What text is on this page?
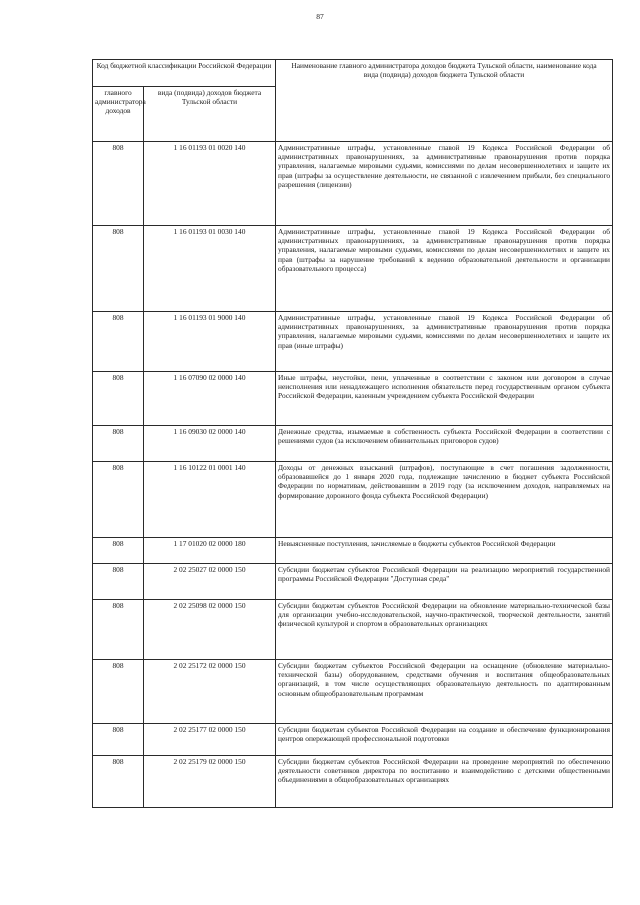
87
Код бюджетной классификации Российской Федерации		Наименование главного администратора доходов бюджета Тульской области, наименование кода вида (подвида) доходов бюджета Тульской области
главного администратора доходов	вида (подвида) доходов бюджета Тульской области	
808	1 16 01193 01 0020 140	Административные штрафы, установленные главой 19 Кодекса Российской Федерации об административных правонарушениях, за административные правонарушения против порядка управления, налагаемые мировыми судьями, комиссиями по делам несовершеннолетних и защите их прав (штрафы за осуществление деятельности, не связанной с извлечением прибыли, без специального разрешения (лицензии)
808	1 16 01193 01 0030 140	Административные штрафы, установленные главой 19 Кодекса Российской Федерации об административных правонарушениях, за административные правонарушения против порядка управления, налагаемые мировыми судьями, комиссиями по делам несовершеннолетних и защите их прав (штрафы за нарушение требований к ведению образовательной деятельности и организации образовательного процесса)
808	1 16 01193 01 9000 140	Административные штрафы, установленные главой 19 Кодекса Российской Федерации об административных правонарушениях, за административные правонарушения против порядка управления, налагаемые мировыми судьями, комиссиями по делам несовершеннолетних и защите их прав (иные штрафы)
808	1 16 07090 02 0000 140	Иные штрафы, неустойки, пени, уплаченные в соответствии с законом или договором в случае неисполнения или ненадлежащего исполнения обязательств перед государственным органом субъекта Российской Федерации, казенным учреждением субъекта Российской Федерации
808	1 16 09030 02 0000 140	Денежные средства, изымаемые в собственность субъекта Российской Федерации в соответствии с решениями судов (за исключением обвинительных приговоров судов)
808	1 16 10122 01 0001 140	Доходы от денежных взысканий (штрафов), поступающие в счет погашения задолженности, образовавшейся до 1 января 2020 года, подлежащие зачислению в бюджет субъекта Российской Федерации по нормативам, действовавшим в 2019 году (за исключением доходов, направляемых на формирование дорожного фонда субъекта Российской Федерации)
808	1 17 01020 02 0000 180	Невыясненные поступления, зачисляемые в бюджеты субъектов Российской Федерации
808	2 02 25027 02 0000 150	Субсидии бюджетам субъектов Российской Федерации на реализацию мероприятий государственной программы Российской Федерации "Доступная среда"
808	2 02 25098 02 0000 150	Субсидии бюджетам субъектов Российской Федерации на обновление материально-технической базы для организации учебно-исследовательской, научно-практической, творческой деятельности, занятий физической культурой и спортом в образовательных организациях
808	2 02 25172 02 0000 150	Субсидии бюджетам субъектов Российской Федерации на оснащение (обновление материально-технической базы) оборудованием, средствами обучения и воспитания общеобразовательных организаций, в том числе осуществляющих образовательную деятельность по адаптированным основным общеобразовательным программам
808	2 02 25177 02 0000 150	Субсидии бюджетам субъектов Российской Федерации на создание и обеспечение функционирования центров опережающей профессиональной подготовки
808	2 02 25179 02 0000 150	Субсидии бюджетам субъектов Российской Федерации на проведение мероприятий по обеспечению деятельности советников директора по воспитанию и взаимодействию с детскими общественными объединениями в общеобразовательных организациях
